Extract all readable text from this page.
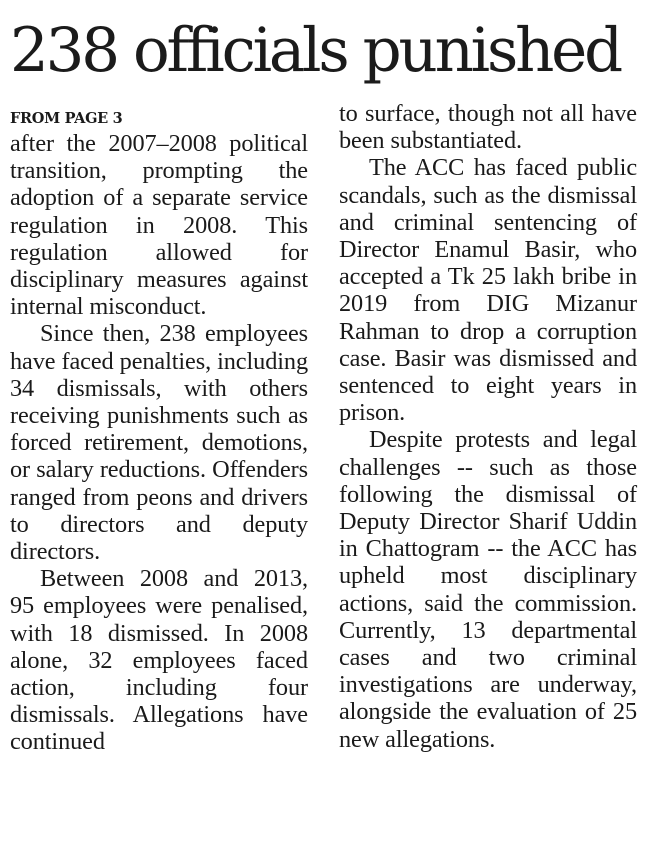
238 officials punished
FROM PAGE 3

after the 2007–2008 political transition, prompting the adoption of a separate service regulation in 2008. This regulation allowed for disciplinary measures against internal misconduct.

Since then, 238 employees have faced penalties, including 34 dismissals, with others receiving punishments such as forced retirement, demotions, or salary reductions. Offenders ranged from peons and drivers to directors and deputy directors.

Between 2008 and 2013, 95 employees were penalised, with 18 dismissed. In 2008 alone, 32 employees faced action, including four dismissals. Allegations have continued

to surface, though not all have been substantiated.

The ACC has faced public scandals, such as the dismissal and criminal sentencing of Director Enamul Basir, who accepted a Tk 25 lakh bribe in 2019 from DIG Mizanur Rahman to drop a corruption case. Basir was dismissed and sentenced to eight years in prison.

Despite protests and legal challenges -- such as those following the dismissal of Deputy Director Sharif Uddin in Chattogram -- the ACC has upheld most disciplinary actions, said the commission. Currently, 13 departmental cases and two criminal investigations are underway, alongside the evaluation of 25 new allegations.
